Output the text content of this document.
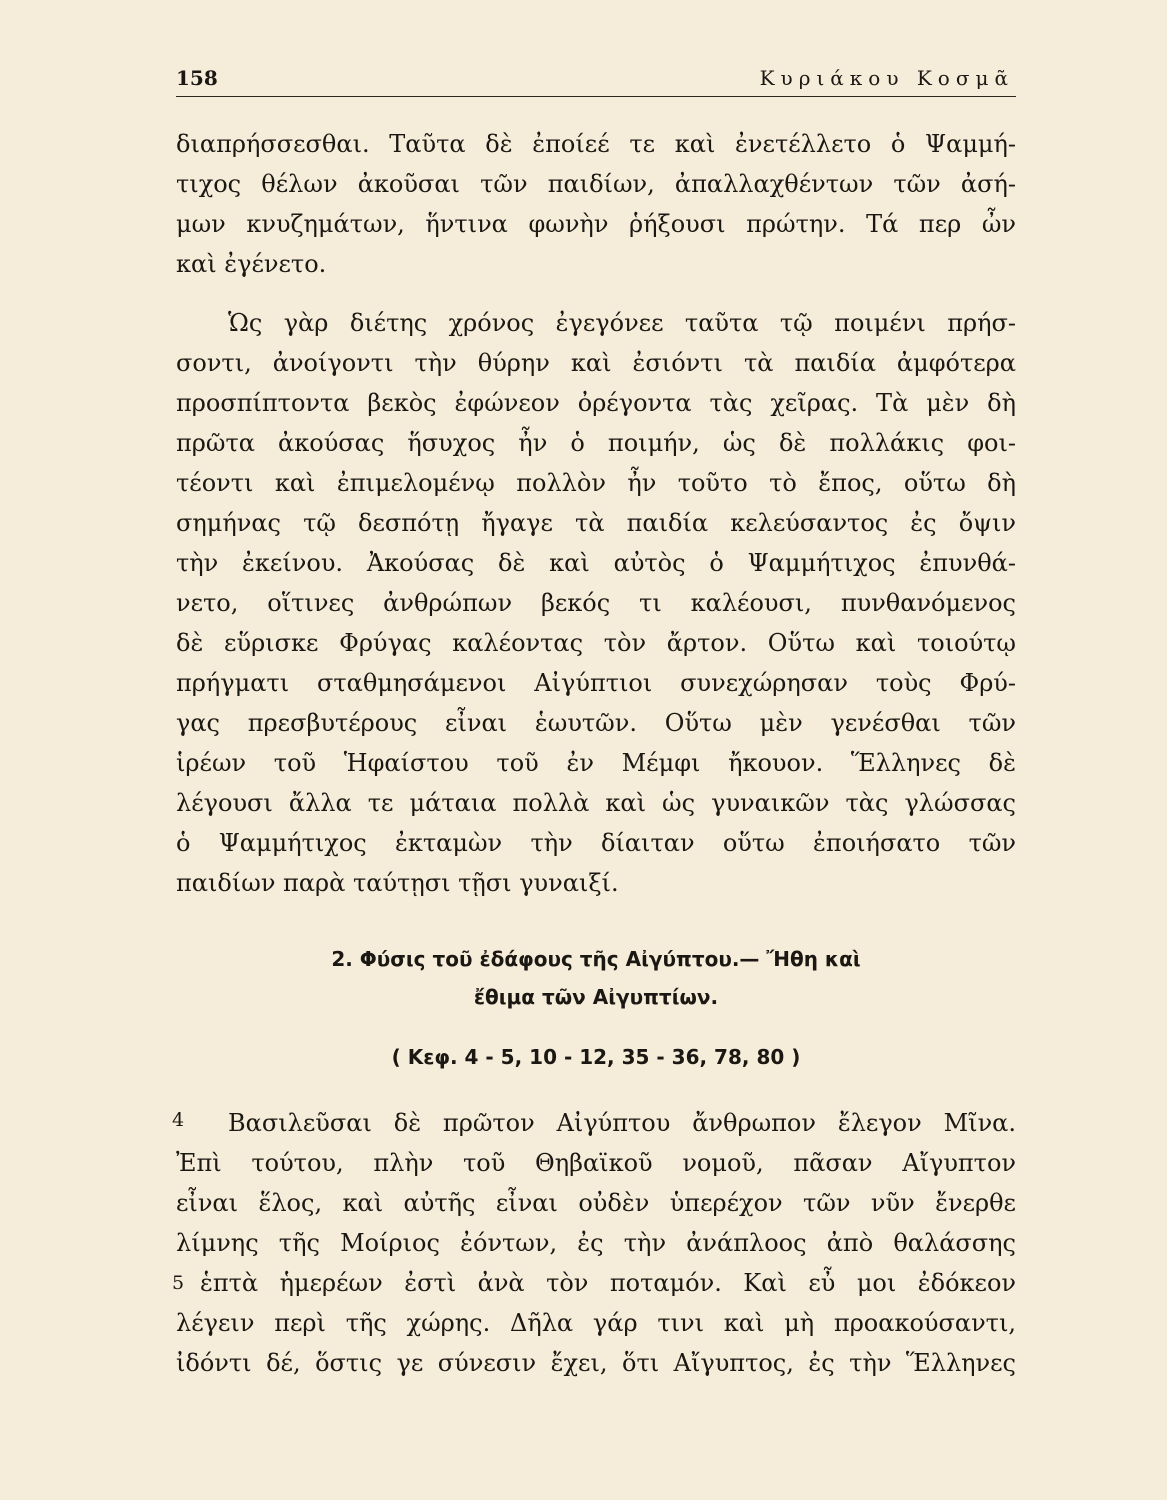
158	Κυριάκου Κοσμᾶ
διαπρήσσεσθαι. Ταῦτα δὲ ἐποίεέ τε καὶ ἐνετέλλετο ὁ Ψαμμή-
τιχος θέλων ἀκοῦσαι τῶν παιδίων, ἀπαλλαχθέντων τῶν ἀσή-
μων κνυζημάτων, ἥντινα φωνὴν ῥήξουσι πρώτην. Τά περ ὦν
καὶ ἐγένετο.
Ὡς γὰρ διέτης χρόνος ἐγεγόνεε ταῦτα τῷ ποιμένι πρήσ-
σοντι, ἀνοίγοντι τὴν θύρην καὶ ἐσιόντι τὰ παιδία ἀμφότερα
προσπίπτοντα βεκὸς ἐφώνεον ὀρέγοντα τὰς χεῖρας. Τὰ μὲν δὴ
πρῶτα ἀκούσας ἥσυχος ἦν ὁ ποιμήν, ὡς δὲ πολλάκις φοι-
τέοντι καὶ ἐπιμελομένῳ πολλὸν ἦν τοῦτο τὸ ἔπος, οὕτω δὴ
σημήνας τῷ δεσπότῃ ἤγαγε τὰ παιδία κελεύσαντος ἐς ὄψιν
τὴν ἐκείνου. Ἀκούσας δὲ καὶ αὐτὸς ὁ Ψαμμήτιχος ἐπυνθά-
νετο, οἵτινες ἀνθρώπων βεκός τι καλέουσι, πυνθανόμενος
δὲ εὕρισκε Φρύγας καλέοντας τὸν ἄρτον. Οὕτω καὶ τοιούτῳ
πρήγματι σταθμησάμενοι Αἰγύπτιοι συνεχώρησαν τοὺς Φρύ-
γας πρεσβυτέρους εἶναι ἑωυτῶν. Οὕτω μὲν γενέσθαι τῶν
ἱρέων τοῦ Ἡφαίστου τοῦ ἐν Μέμφι ἤκουον. Ἕλληνες δὲ
λέγουσι ἄλλα τε μάταια πολλὰ καὶ ὡς γυναικῶν τὰς γλώσσας
ὁ Ψαμμήτιχος ἐκταμὼν τὴν δίαιταν οὕτω ἐποιήσατο τῶν
παιδίων παρὰ ταύτῃσι τῇσι γυναιξί.
2. Φύσις τοῦ ἐδάφους τῆς Αἰγύπτου.— Ἤθη καὶ
ἔθιμα τῶν Αἰγυπτίων.
( Κεφ. 4 - 5, 10 - 12, 35 - 36, 78, 80 )
4 Βασιλεῦσαι δὲ πρῶτον Αἰγύπτου ἄνθρωπον ἔλεγον Μῖνα.
Ἐπὶ τούτου, πλὴν τοῦ Θηβαϊκοῦ νομοῦ, πᾶσαν Αἴγυπτον
εἶναι ἕλος, καὶ αὐτῆς εἶναι οὐδὲν ὑπερέχον τῶν νῦν ἔνερθε
λίμνης τῆς Μοίριος ἐόντων, ἐς τὴν ἀνάπλοος ἀπὸ θαλάσσης
5 ἑπτὰ ἡμερέων ἐστὶ ἀνὰ τὸν ποταμόν. Καὶ εὖ μοι ἐδόκεον
λέγειν περὶ τῆς χώρης. Δῆλα γάρ τινι καὶ μὴ προακούσαντι,
ἰδόντι δέ, ὅστις γε σύνεσιν ἔχει, ὅτι Αἴγυπτος, ἐς τὴν Ἕλληνες
